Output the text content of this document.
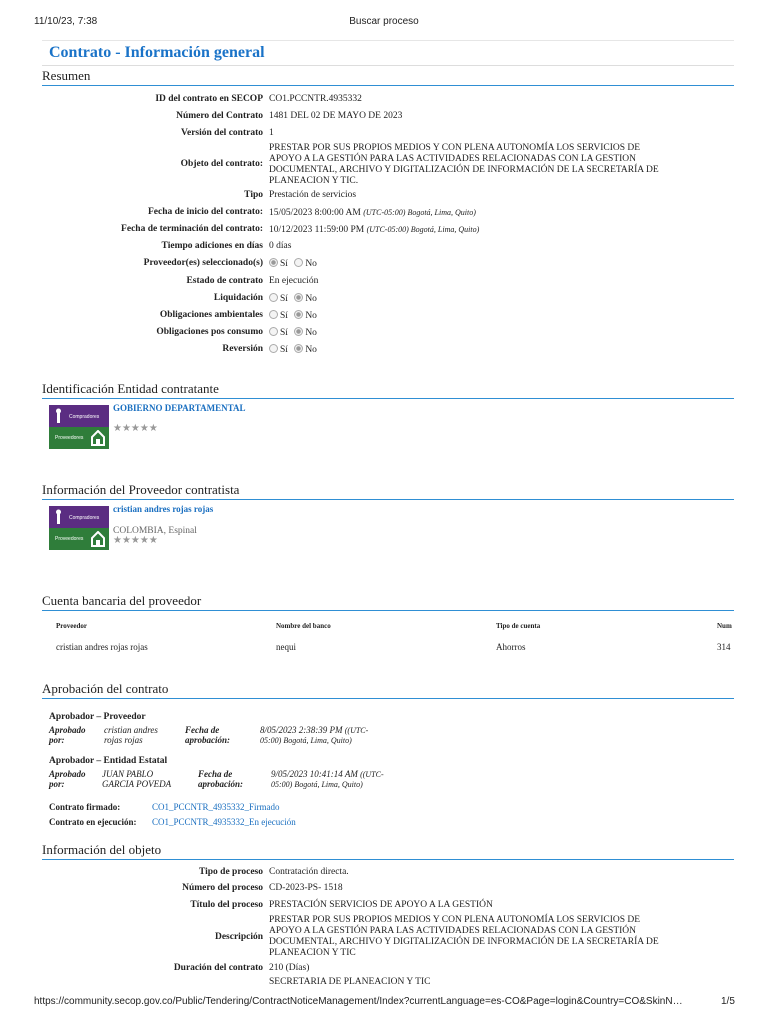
11/10/23, 7:38	Buscar proceso
Contrato - Información general
Resumen
ID del contrato en SECOP CO1.PCCNTR.4935332
Número del Contrato 1481 DEL 02 DE MAYO DE 2023
Versión del contrato 1
Objeto del contrato:
PRESTAR POR SUS PROPIOS MEDIOS Y CON PLENA AUTONOMÍA LOS SERVICIOS DE APOYO A LA GESTIÓN PARA LAS ACTIVIDADES RELACIONADAS CON LA GESTION DOCUMENTAL, ARCHIVO Y DIGITALIZACIÓN DE INFORMACIÓN DE LA SECRETARÍA DE PLANEACION Y TIC.
Tipo Prestación de servicios
Fecha de inicio del contrato: 15/05/2023 8:00:00 AM (UTC-05:00) Bogotá, Lima, Quito)
Fecha de terminación del contrato: 10/12/2023 11:59:00 PM (UTC-05:00) Bogotá, Lima, Quito)
Tiempo adiciones en días 0 días
Proveedor(es) seleccionado(s)	Sí No
Estado de contrato En ejecución
Liquidación	Sí No
Obligaciones ambientales	Sí No
Obligaciones pos consumo	Sí No
Reversión	Sí No
Identificación Entidad contratante
Compradores
Proveedores
GOBIERNO DEPARTAMENTAL
★★★★★
Información del Proveedor contratista
Compradores
Proveedores
cristian andres rojas rojas
COLOMBIA, Espinal
★★★★★
Cuenta bancaria del proveedor
Proveedor	Nombre del banco	Tipo de cuenta	Num
cristian andres rojas rojas	nequi	Ahorros	314
Aprobación del contrato
Aprobador – Proveedor
Aprobado
por:
cristian andres
rojas rojas
Fecha de
aprobación:
8/05/2023 2:38:39 PM ((UTC-
05:00) Bogotá, Lima, Quito)
Aprobador – Entidad Estatal
Aprobado
por:
JUAN PABLO
GARCIA POVEDA
Fecha de
aprobación:
9/05/2023 10:41:14 AM ((UTC-
05:00) Bogotá, Lima, Quito)
Contrato firmado:	CO1_PCCNTR_4935332_Firmado
Contrato en ejecución: CO1_PCCNTR_4935332_En ejecución
Información del objeto
Tipo de proceso Contratación directa.
Número del proceso CD-2023-PS- 1518
Título del proceso PRESTACIÓN SERVICIOS DE APOYO A LA GESTIÓN
Descripción
PRESTAR POR SUS PROPIOS MEDIOS Y CON PLENA AUTONOMÍA LOS SERVICIOS DE APOYO A LA GESTIÓN PARA LAS ACTIVIDADES RELACIONADAS CON LA GESTIÓN DOCUMENTAL, ARCHIVO Y DIGITALIZACIÓN DE INFORMACIÓN DE LA SECRETARÍA DE PLANEACION Y TIC
Duración del contrato 210 (Días)
SECRETARIA DE PLANEACION Y TIC
https://community.secop.gov.co/Public/Tendering/ContractNoticeManagement/Index?currentLanguage=es-CO&Page=login&Country=CO&SkinN…	1/5
